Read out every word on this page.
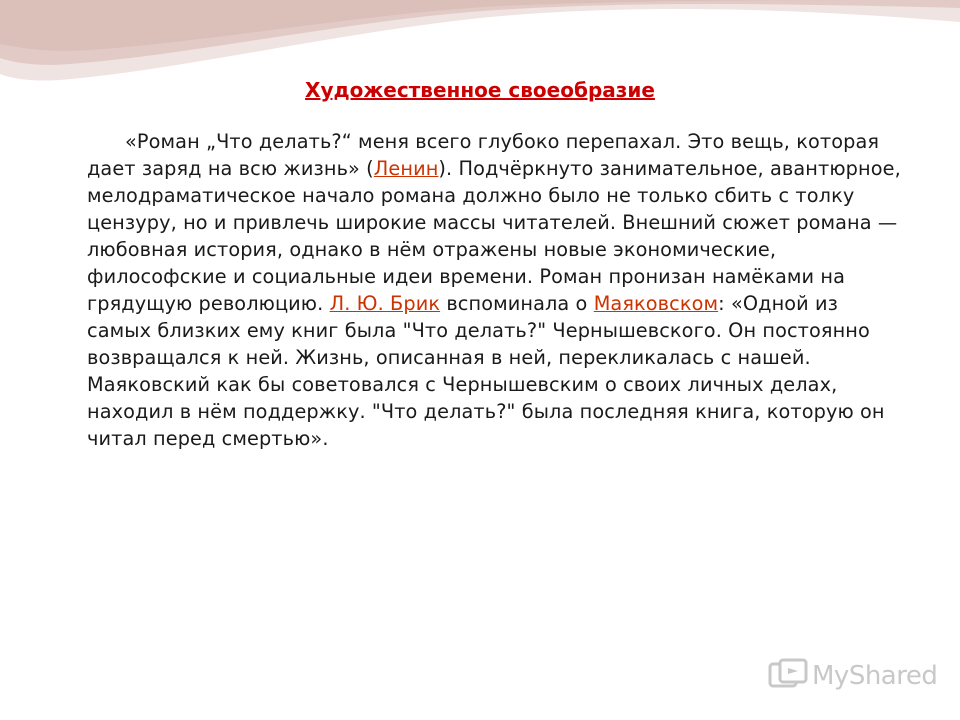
Художественное своеобразие

«Роман „Что делать?“ меня всего глубоко перепахал. Это вещь, которая дает заряд на всю жизнь» (Ленин). Подчёркнуто занимательное, авантюрное, мелодраматическое начало романа должно было не только сбить с толку цензуру, но и привлечь широкие массы читателей. Внешний сюжет романа — любовная история, однако в нём отражены новые экономические, философские и социальные идеи времени. Роман пронизан намёками на грядущую революцию. Л. Ю. Брик вспоминала о Маяковском: «Одной из самых близких ему книг была "Что делать?" Чернышевского. Он постоянно возвращался к ней. Жизнь, описанная в ней, перекликалась с нашей. Маяковский как бы советовался с Чернышевским о своих личных делах, находил в нём поддержку. "Что делать?" была последняя книга, которую он читал перед смертью».

MyShared
